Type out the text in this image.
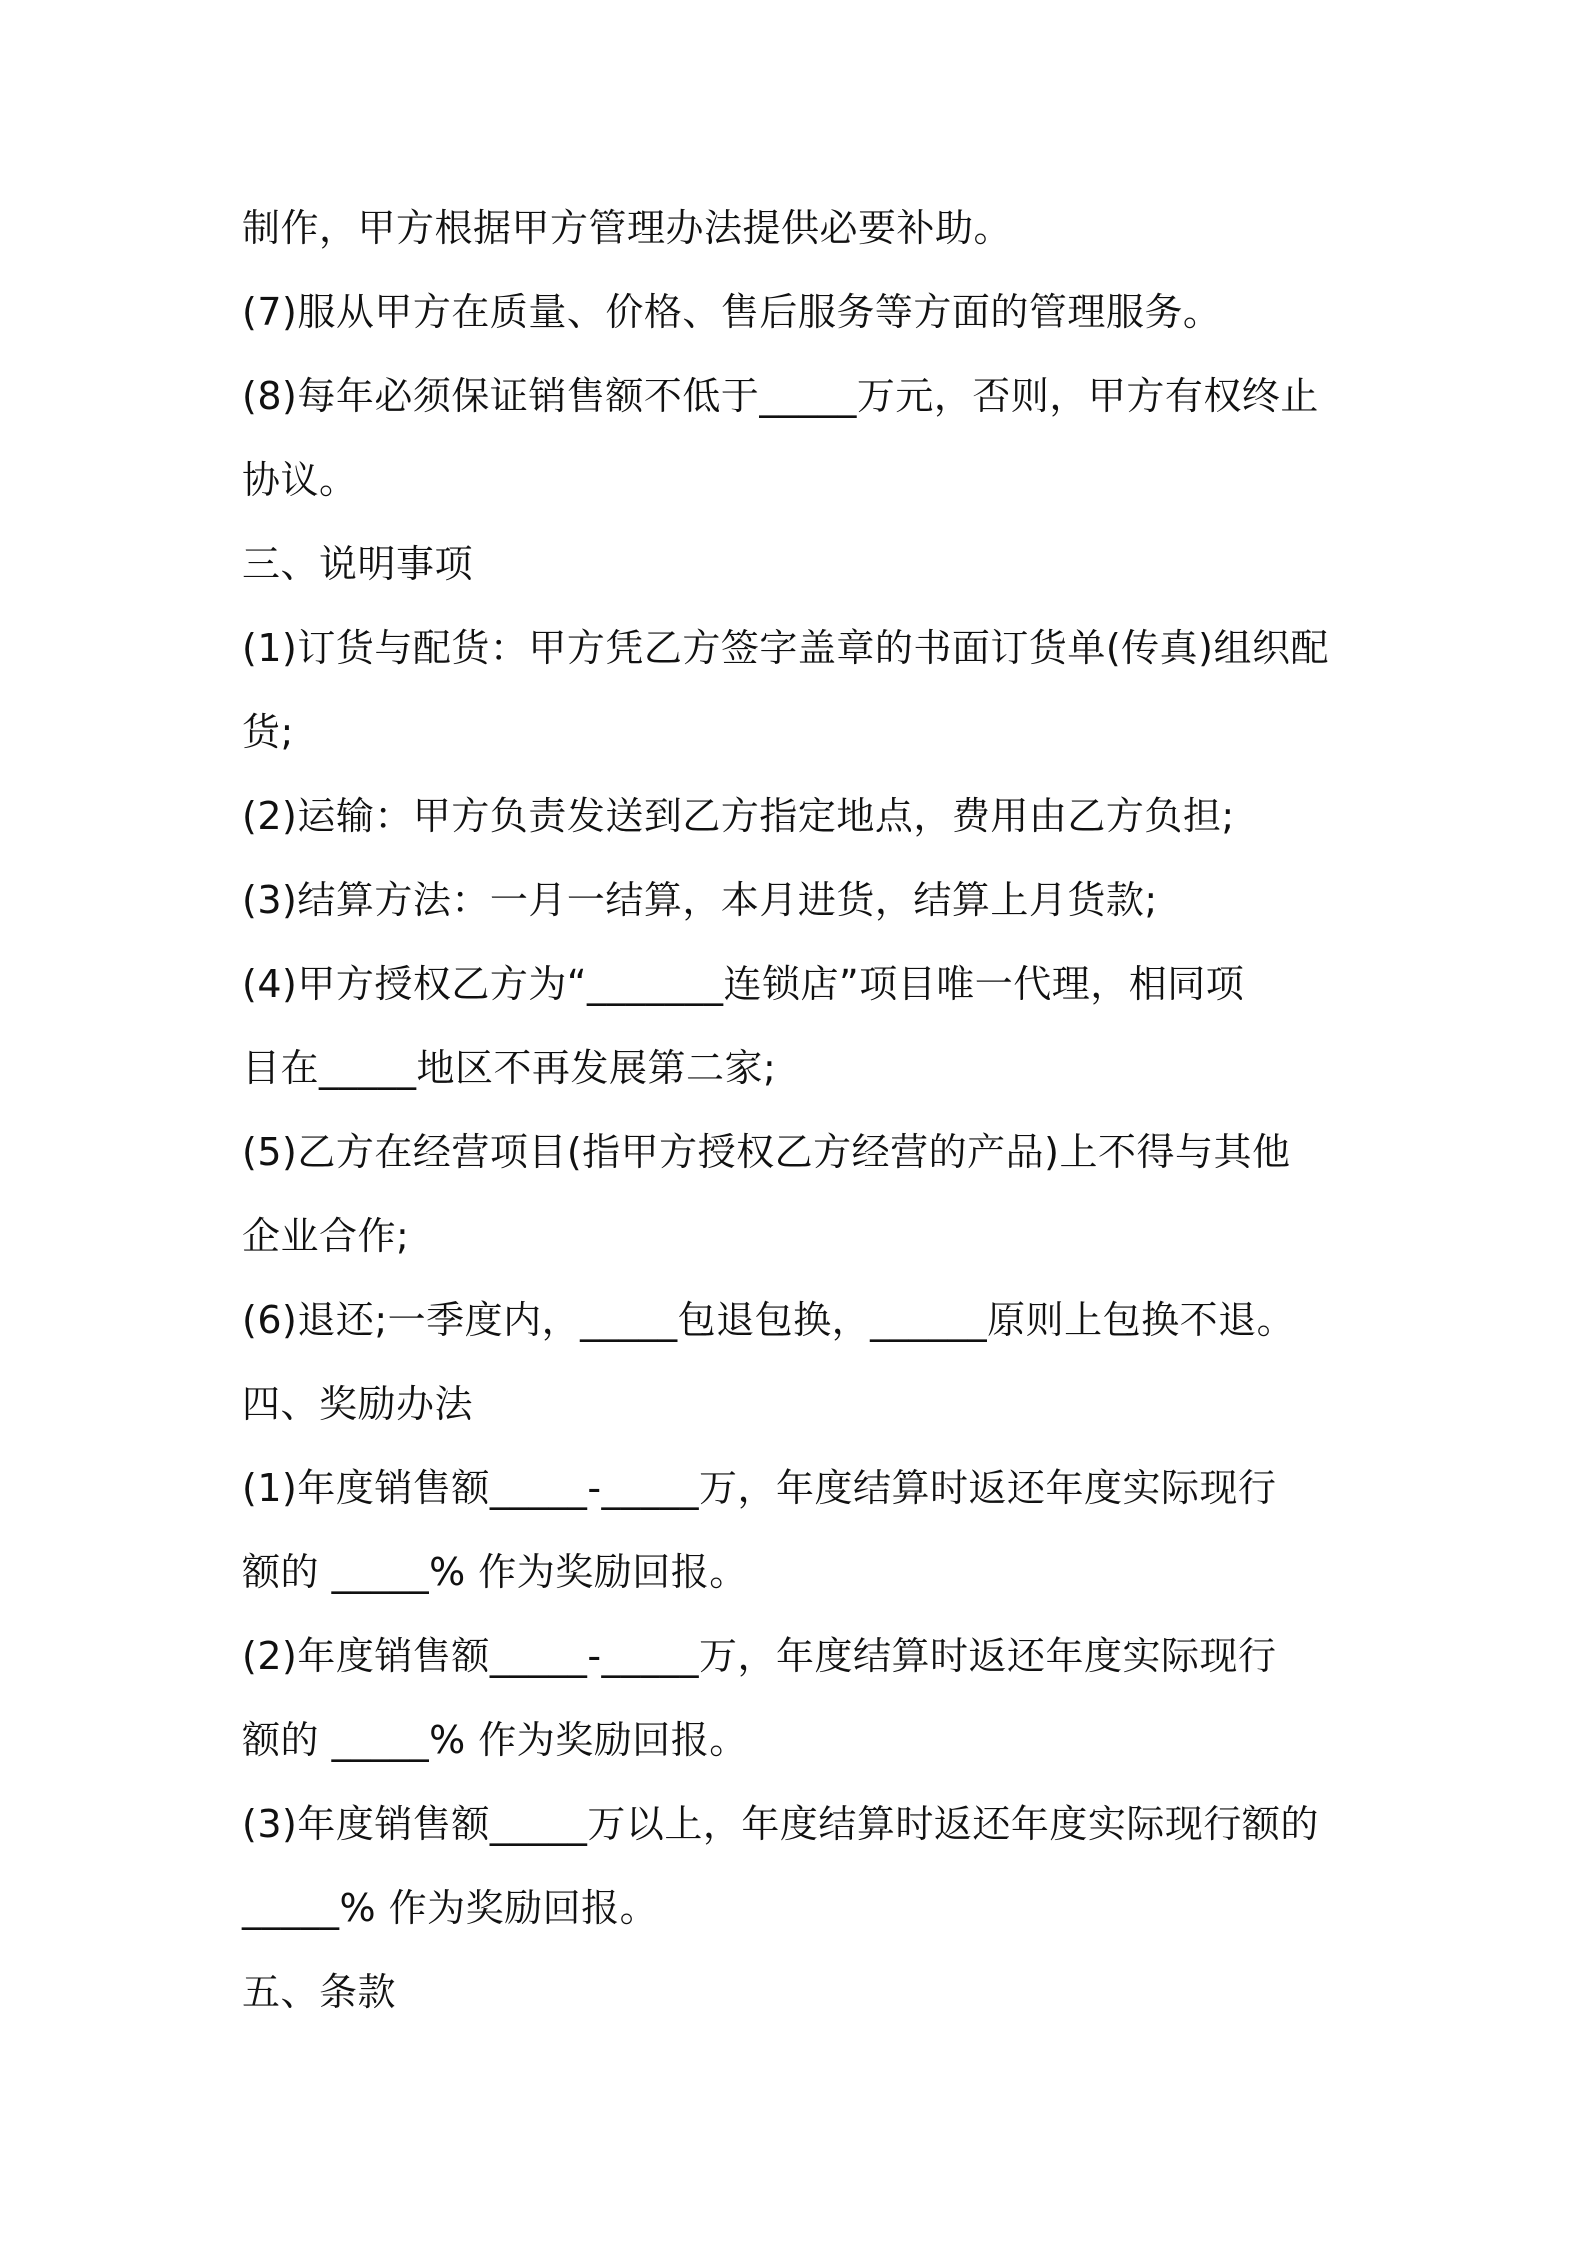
制作，甲方根据甲方管理办法提供必要补助。
(7)服从甲方在质量、价格、售后服务等方面的管理服务。
(8)每年必须保证销售额不低于_____万元，否则，甲方有权终止
协议。
三、说明事项
(1)订货与配货：甲方凭乙方签字盖章的书面订货单(传真)组织配
货;
(2)运输：甲方负责发送到乙方指定地点，费用由乙方负担;
(3)结算方法：一月一结算，本月进货，结算上月货款;
(4)甲方授权乙方为“_______连锁店”项目唯一代理，相同项
目在_____地区不再发展第二家;
(5)乙方在经营项目(指甲方授权乙方经营的产品)上不得与其他
企业合作;
(6)退还;一季度内，_____包退包换，______原则上包换不退。
四、奖励办法
(1)年度销售额_____-_____万，年度结算时返还年度实际现行
额的 _____% 作为奖励回报。
(2)年度销售额_____-_____万，年度结算时返还年度实际现行
额的 _____% 作为奖励回报。
(3)年度销售额_____万以上，年度结算时返还年度实际现行额的
_____% 作为奖励回报。
五、条款
